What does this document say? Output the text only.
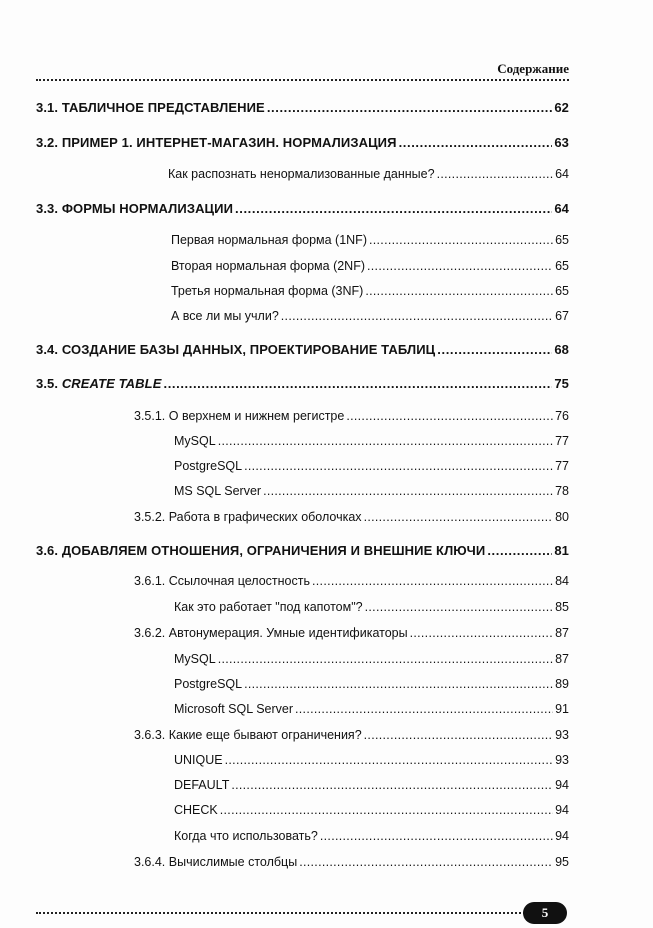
Содержание
3.1. ТАБЛИЧНОЕ ПРЕДСТАВЛЕНИЕ .....	62
3.2. ПРИМЕР 1. ИНТЕРНЕТ-МАГАЗИН. НОРМАЛИЗАЦИЯ .....	63
Как распознать ненормализованные данные? .....	64
3.3. ФОРМЫ НОРМАЛИЗАЦИИ .....	64
Первая нормальная форма (1NF) .....	65
Вторая нормальная форма (2NF) .....	65
Третья нормальная форма (3NF) .....	65
А все ли мы учли? .....	67
3.4. СОЗДАНИЕ БАЗЫ ДАННЫХ, ПРОЕКТИРОВАНИЕ ТАБЛИЦ .....	68
3.5. CREATE TABLE .....	75
3.5.1. О верхнем и нижнем регистре .....	76
MySQL .....	77
PostgreSQL .....	77
MS SQL Server .....	78
3.5.2. Работа в графических оболочках .....	80
3.6. ДОБАВЛЯЕМ ОТНОШЕНИЯ, ОГРАНИЧЕНИЯ И ВНЕШНИЕ КЛЮЧИ .....	81
3.6.1. Ссылочная целостность .....	84
Как это работает "под капотом"? .....	85
3.6.2. Автонумерация. Умные идентификаторы .....	87
MySQL .....	87
PostgreSQL .....	89
Microsoft SQL Server .....	91
3.6.3. Какие еще бывают ограничения? .....	93
UNIQUE .....	93
DEFAULT .....	94
CHECK .....	94
Когда что использовать? .....	94
3.6.4. Вычислимые столбцы .....	95
5
